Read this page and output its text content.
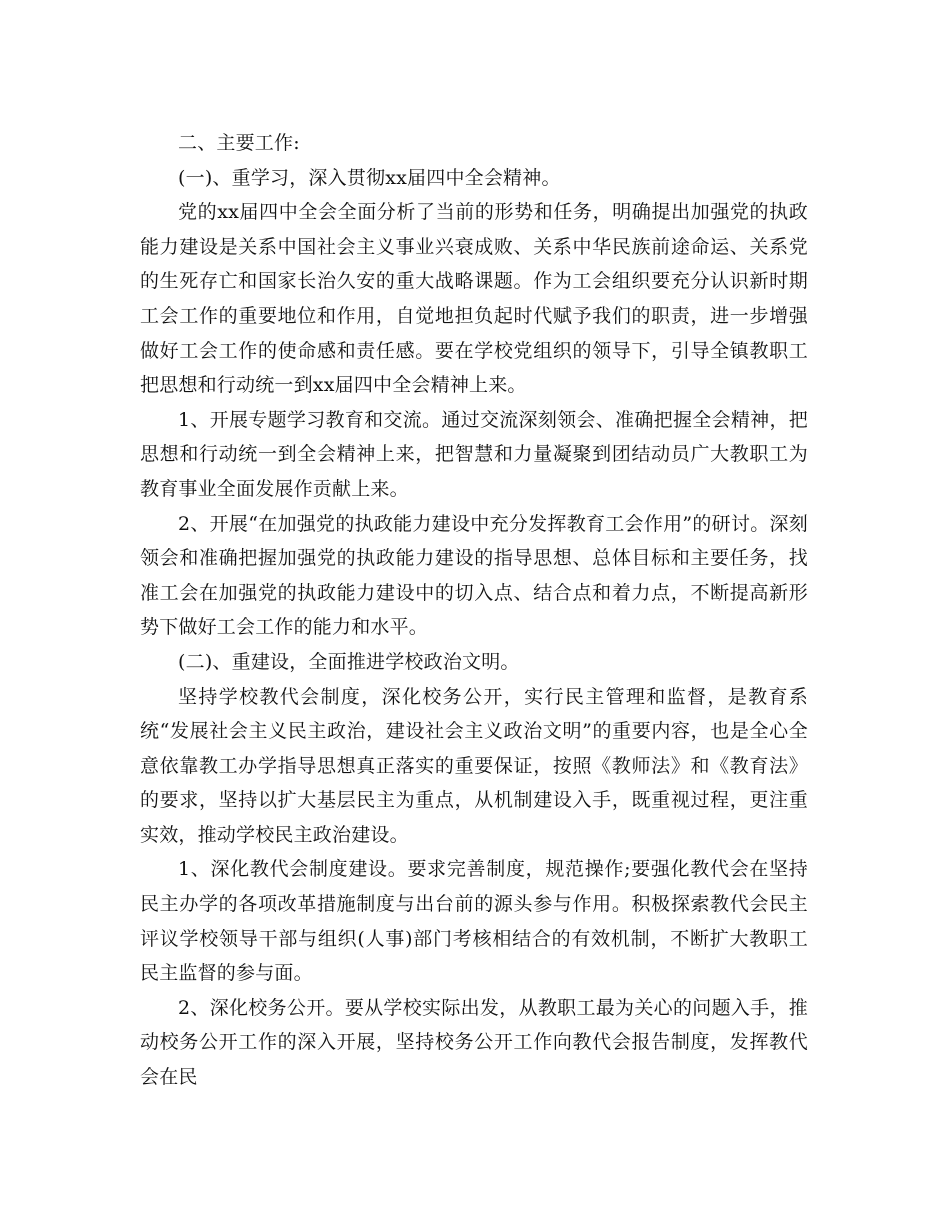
二、主要工作:

(一)、重学习，深入贯彻xx届四中全会精神。

党的xx届四中全会全面分析了当前的形势和任务，明确提出加强党的执政能力建设是关系中国社会主义事业兴衰成败、关系中华民族前途命运、关系党的生死存亡和国家长治久安的重大战略课题。作为工会组织要充分认识新时期工会工作的重要地位和作用，自觉地担负起时代赋予我们的职责，进一步增强做好工会工作的使命感和责任感。要在学校党组织的领导下，引导全镇教职工把思想和行动统一到xx届四中全会精神上来。

1、开展专题学习教育和交流。通过交流深刻领会、准确把握全会精神，把思想和行动统一到全会精神上来，把智慧和力量凝聚到团结动员广大教职工为教育事业全面发展作贡献上来。

2、开展“在加强党的执政能力建设中充分发挥教育工会作用”的研讨。深刻领会和准确把握加强党的执政能力建设的指导思想、总体目标和主要任务，找准工会在加强党的执政能力建设中的切入点、结合点和着力点，不断提高新形势下做好工会工作的能力和水平。

(二)、重建设，全面推进学校政治文明。

坚持学校教代会制度，深化校务公开，实行民主管理和监督，是教育系统“发展社会主义民主政治，建设社会主义政治文明”的重要内容，也是全心全意依靠教工办学指导思想真正落实的重要保证，按照《教师法》和《教育法》的要求，坚持以扩大基层民主为重点，从机制建设入手，既重视过程，更注重实效，推动学校民主政治建设。

1、深化教代会制度建设。要求完善制度，规范操作;要强化教代会在坚持民主办学的各项改革措施制度与出台前的源头参与作用。积极探索教代会民主评议学校领导干部与组织(人事)部门考核相结合的有效机制，不断扩大教职工民主监督的参与面。

2、深化校务公开。要从学校实际出发，从教职工最为关心的问题入手，推动校务公开工作的深入开展，坚持校务公开工作向教代会报告制度，发挥教代会在民
